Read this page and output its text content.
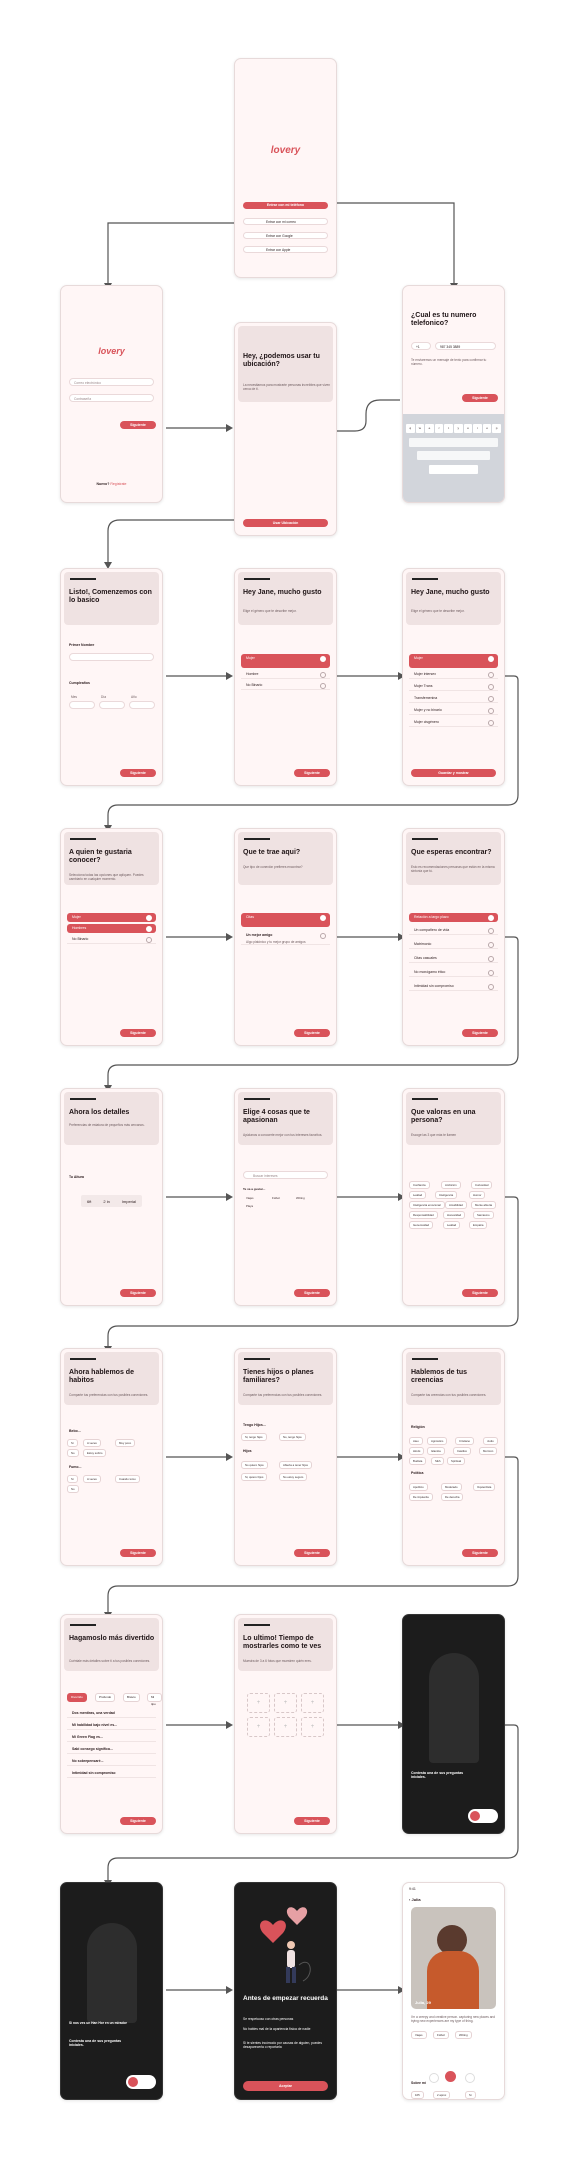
lovery
Entrar con mi teléfono
Entrar con mi correo
Entrar con Google
Entrar con Apple
lovery
Correo electrónico
Contraseña
Siguiente
Nuevo? Regístrate
Hey, ¿podemos usar tu ubicación?
La necesitamos para mostrarte personas increíbles que viven cerca de ti.
Usar Ubicación
¿Cual es tu numero telefonico?
+1	987 345 3889
Te enviaremos un mensaje de texto para confirmar tu número.
Siguiente
q	w	e	r	t	y	u	i	o	p
Listo!, Comenzemos con lo basico
Primer Nombre
Cumpleaños
Mes	Día	Año
Siguiente
Hey Jane, mucho gusto
Elige el género que te describe mejor.
Mujer
Hombre
No Binario
Siguiente
Hey Jane, mucho gusto
Elige el género que te describe mejor.
Mujer
Mujer intersex
Mujer Trans
Transfemenina
Mujer y no binario
Mujer cisgénero
Guardar y mostrar
A quien te gustaria conocer?
Selecciona todas las opciones que apliquen. Puedes cambiarlo en cualquier momento.
Mujer
Hombres
No Binario
Siguiente
Que te trae aqui?
Que tipo de conexión prefieres encontrar?
Citas
Un mejor amigo
Algo platónico y tu mejor grupo de amigos
Siguiente
Que esperas encontrar?
Esto es recomendaciones personas que están en la misma sintonía que tú.
Relación a largo plazo
Un compañero de vida
Matrimonio
Citas casuales
No monógamo ético
Intimidad sin compromiso
Siguiente
Ahora los detalles
Preferencias de estatura de pequeños más cercanos.
Tu Altura
6ft	2 in	Imperial
Siguiente
Elige 4 cosas que te apasionan
Ayúdanos a conocerte mejor con tus intereses favoritos.
Buscar intereses
Te va a gustar...
Viajes	Fútbol	Writing
Playa
Siguiente
Que valoras en una persona?
Escoge las 3 que más te llamen
Confianza	Ambición	Curiosidad
Lealtad	Inteligencia	Humor
Inteligencia emocional	Amabilidad	Mente abierta
Responsabilidad	Honestidad	Sarcasmo
Generosidad	Lealtad	Empatía
Siguiente
Ahora hablemos de habitos
Comparte tus preferencias con tus posibles conexiones.
Bebo...
Si	A veces	Muy poco
No	Estoy sobrio
Fumo...
Si	A veces	Cuando tomo
No
Siguiente
Tienes hijos o planes familiares?
Comparte tus preferencias con tus posibles conexiones.
Tengo Hijos...
Si, tengo hijos	No, tengo hijos
Hijos
No quiero hijos	Abierta a tener hijos
Si, quiero hijos	No estoy seguro
Siguiente
Hablemos de tus creencias
Comparte tus creencias con tus posibles conexiones.
Religión
Ateo	Agnóstico	Cristiano	Judío
Hindú	Islamita	Católico	Mormón
Budista	Sikh	Spiritual
Política
Apolítico	Moderado	Izquierdista
De izquierda	De derecha
Siguiente
Hagamoslo más divertido
Cuéntale más detalles sobre ti a tus posibles conexiones.
Divertido	Profundo	Bravío	Mi tipo
Dos mentiras, una verdad
Mi habilidad bajo nivel es...
Mi Green Flag es...
Sabi consego significa...
No sobrepensaré...
Intimidad sin compromiso
Siguiente
Lo ultimo! Tiempo de mostrarles como te ves
Muestra de 3 a 6 fotos que muestren quién eres.
+	+	+
+	+	+
Siguiente
Contesta una de sus preguntas iniciales.
Si nos ves un Han Hor en un mirador
Contesta una de sus preguntas iniciales.
Antes de empezar recuerda
Se respetuoso con otras personas
No hables mal de la apariencia física de nadie
Si te sientes incómodo por causas de alguien, puedes desaparecerla o reportarla
Aceptar
9:41
‹ Julia
Julia, 29
I'm a creepy and creative person. capturing new places and trying new experiences are my type of thing.
Viajes	Fútbol	Writing
Sobre mí
165	2 aprox	Si
